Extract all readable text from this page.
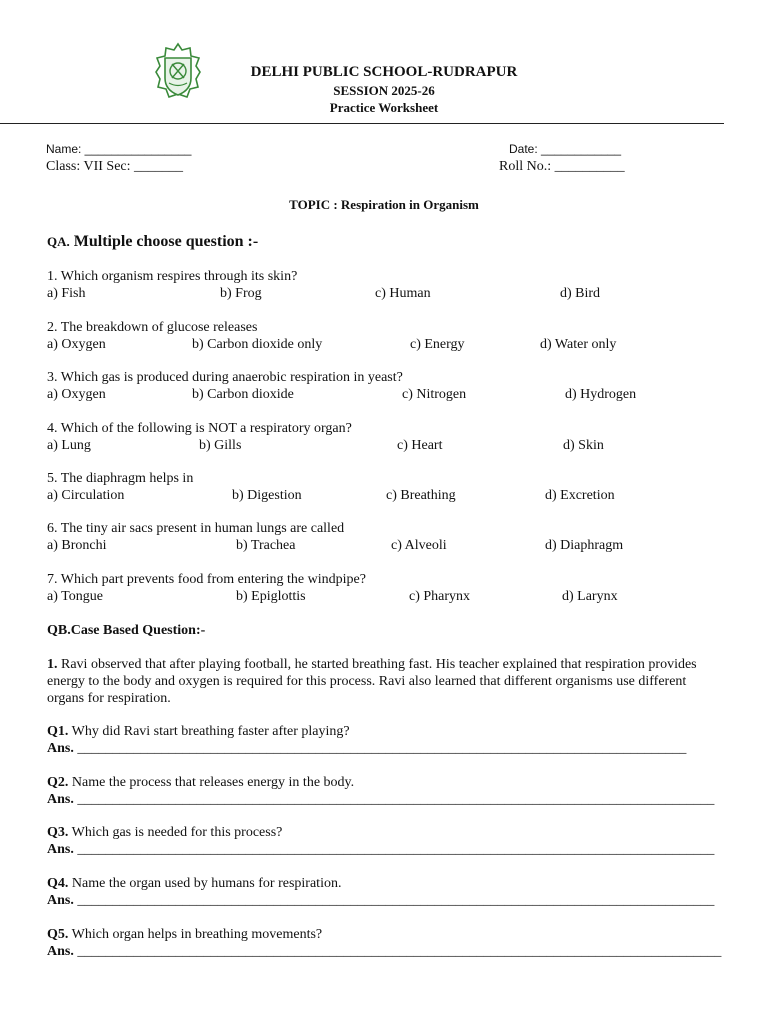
DELHI PUBLIC SCHOOL-RUDRAPUR
SESSION 2025-26
Practice Worksheet
Name: ________________	Date: ____________
Class: VII Sec: _______	Roll No.: __________
TOPIC : Respiration in Organism
QA. Multiple choose question :-
1. Which organism respires through its skin?
a) Fish	b) Frog	c) Human	d) Bird
2. The breakdown of glucose releases
a) Oxygen	b) Carbon dioxide only	c) Energy	d) Water only
3. Which gas is produced during anaerobic respiration in yeast?
a) Oxygen	b) Carbon dioxide	c) Nitrogen	d) Hydrogen
4. Which of the following is NOT a respiratory organ?
a) Lung	b) Gills	c) Heart	d) Skin
5. The diaphragm helps in
a) Circulation	b) Digestion	c) Breathing	d) Excretion
6. The tiny air sacs present in human lungs are called
a) Bronchi	b) Trachea	c) Alveoli	d) Diaphragm
7. Which part prevents food from entering the windpipe?
a) Tongue	b) Epiglottis	c) Pharynx	d) Larynx
QB.Case Based Question:-
1. Ravi observed that after playing football, he started breathing fast. His teacher explained that respiration provides energy to the body and oxygen is required for this process. Ravi also learned that different organisms use different organs for respiration.
Q1. Why did Ravi start breathing faster after playing?
Ans. _______________________________________________________________________________________
Q2. Name the process that releases energy in the body.
Ans. ___________________________________________________________________________________________
Q3. Which gas is needed for this process?
Ans. ___________________________________________________________________________________________
Q4. Name the organ used by humans for respiration.
Ans. ___________________________________________________________________________________________
Q5. Which organ helps in breathing movements?
Ans. ____________________________________________________________________________________________
